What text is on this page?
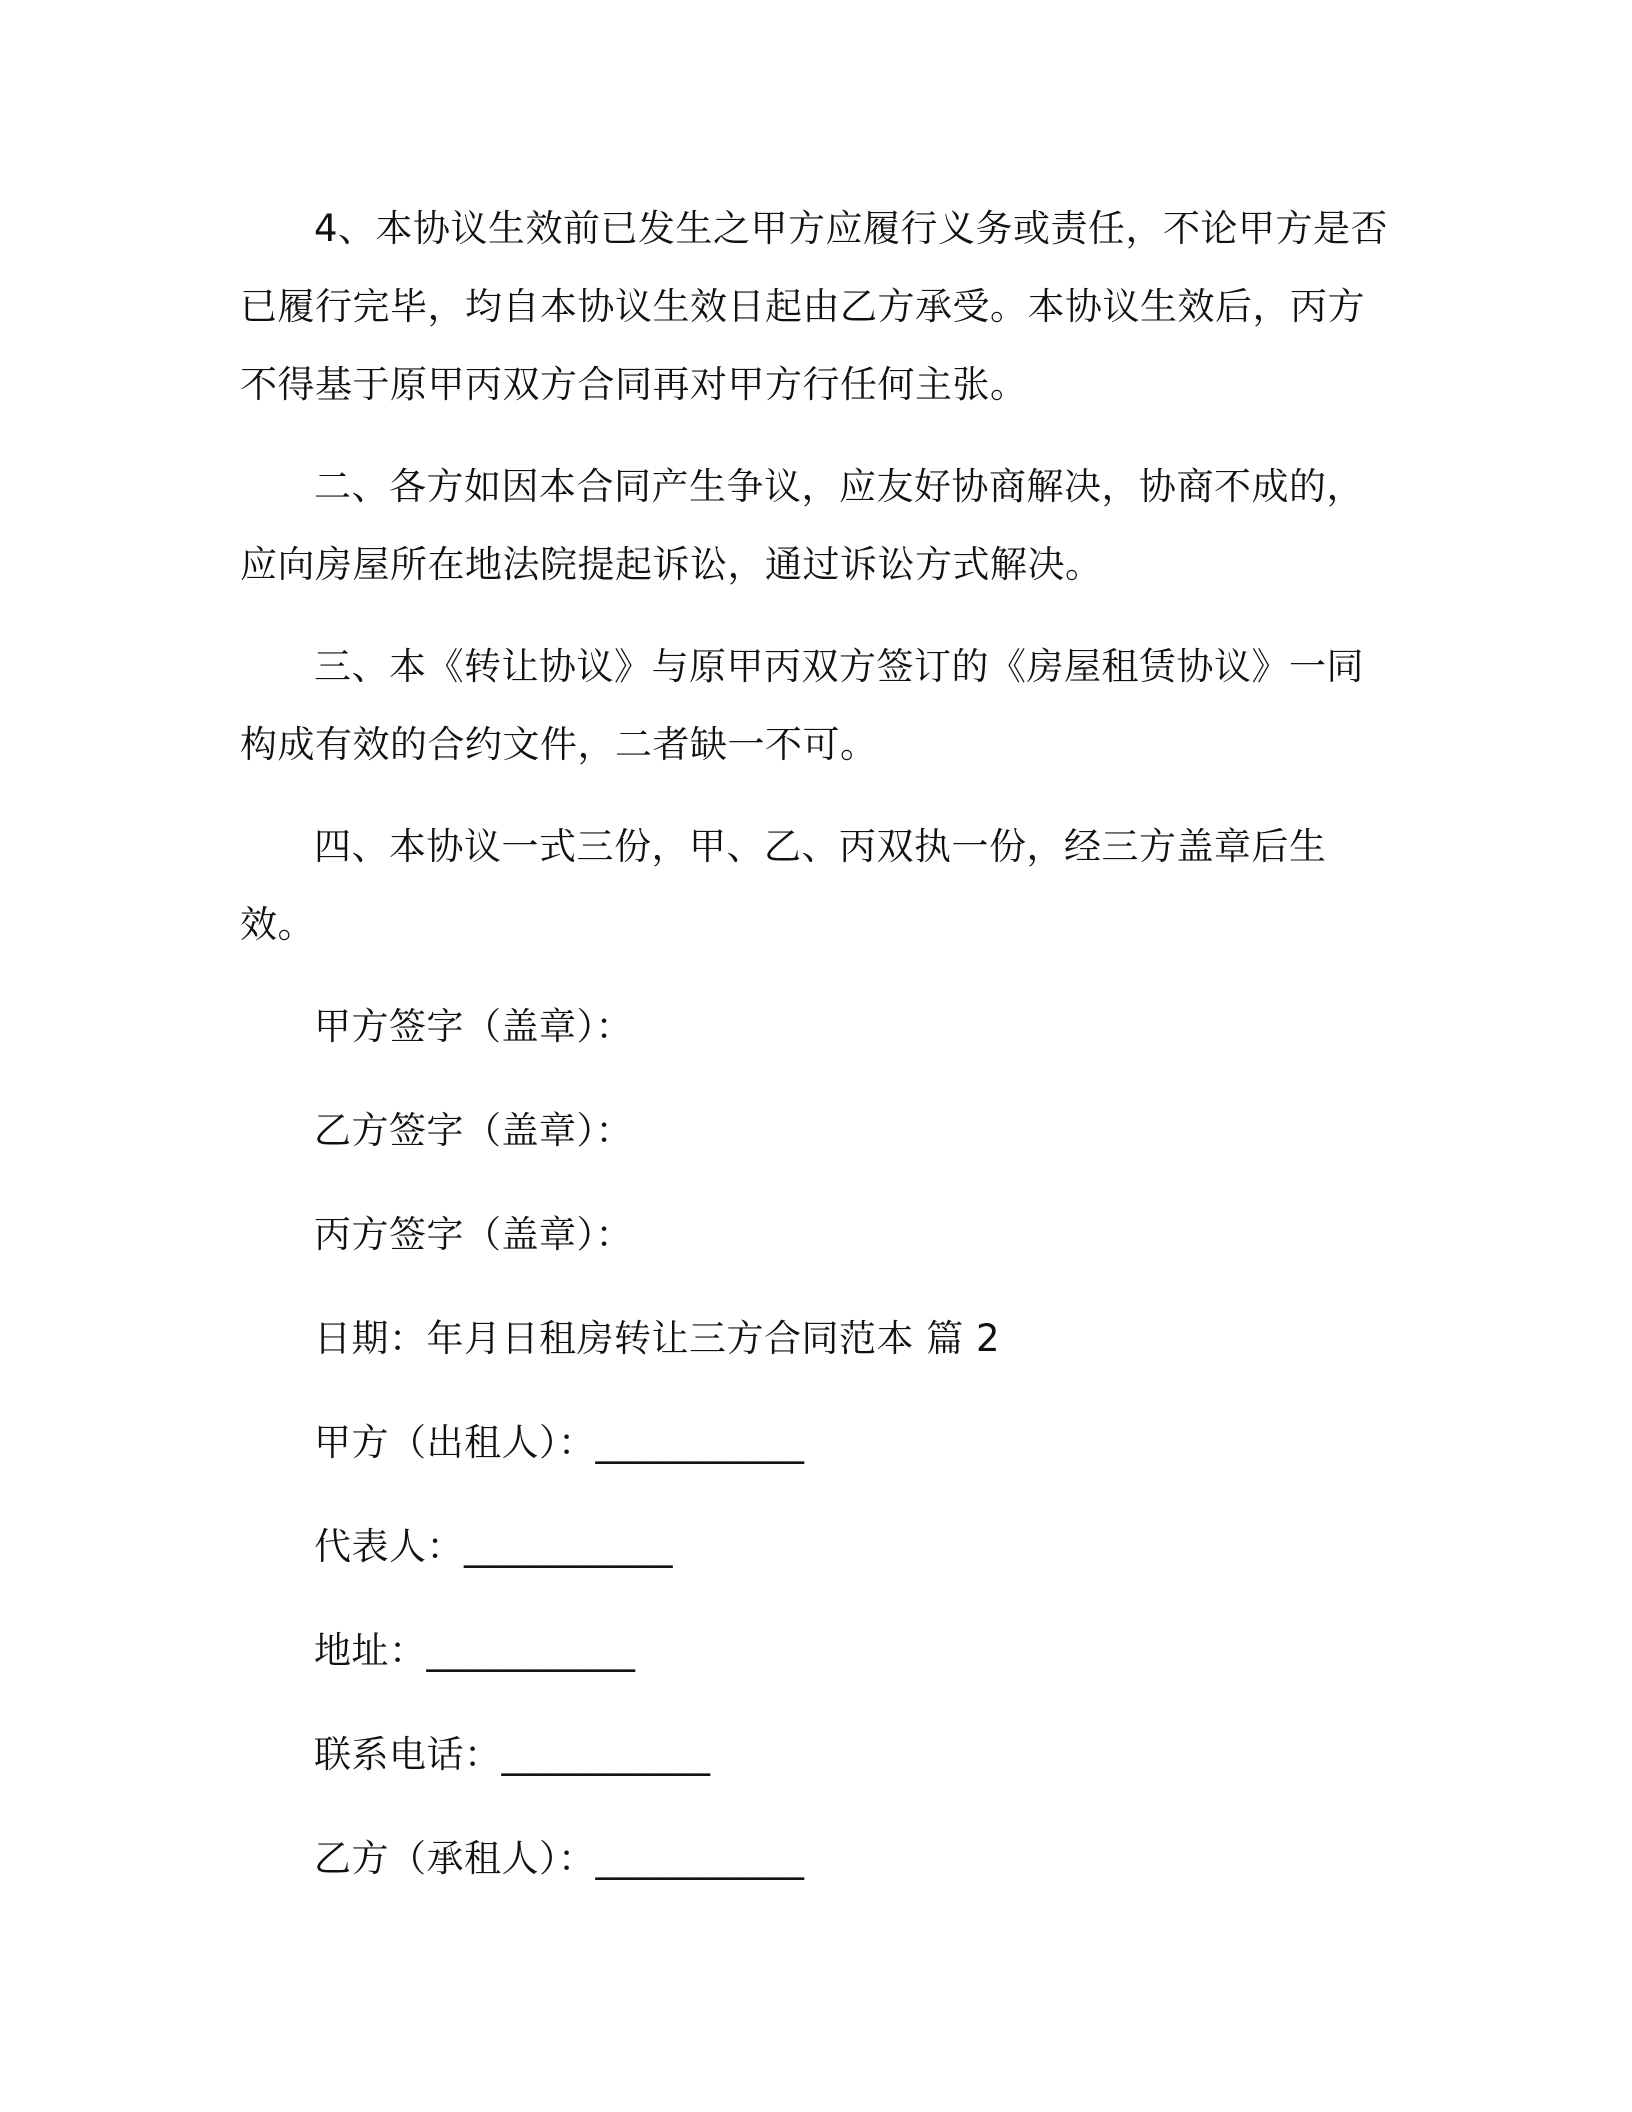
4、本协议生效前已发生之甲方应履行义务或责任，不论甲方是否已履行完毕，均自本协议生效日起由乙方承受。本协议生效后，丙方不得基于原甲丙双方合同再对甲方行任何主张。

二、各方如因本合同产生争议，应友好协商解决，协商不成的，应向房屋所在地法院提起诉讼，通过诉讼方式解决。

三、本《转让协议》与原甲丙双方签订的《房屋租赁协议》一同构成有效的合约文件，二者缺一不可。

四、本协议一式三份，甲、乙、丙双执一份，经三方盖章后生效。

甲方签字（盖章）：
乙方签字（盖章）：
丙方签字（盖章）：
日期：年月日租房转让三方合同范本 篇 2
甲方（出租人）：___________
代表人：___________
地址：___________
联系电话：___________
乙方（承租人）：___________
